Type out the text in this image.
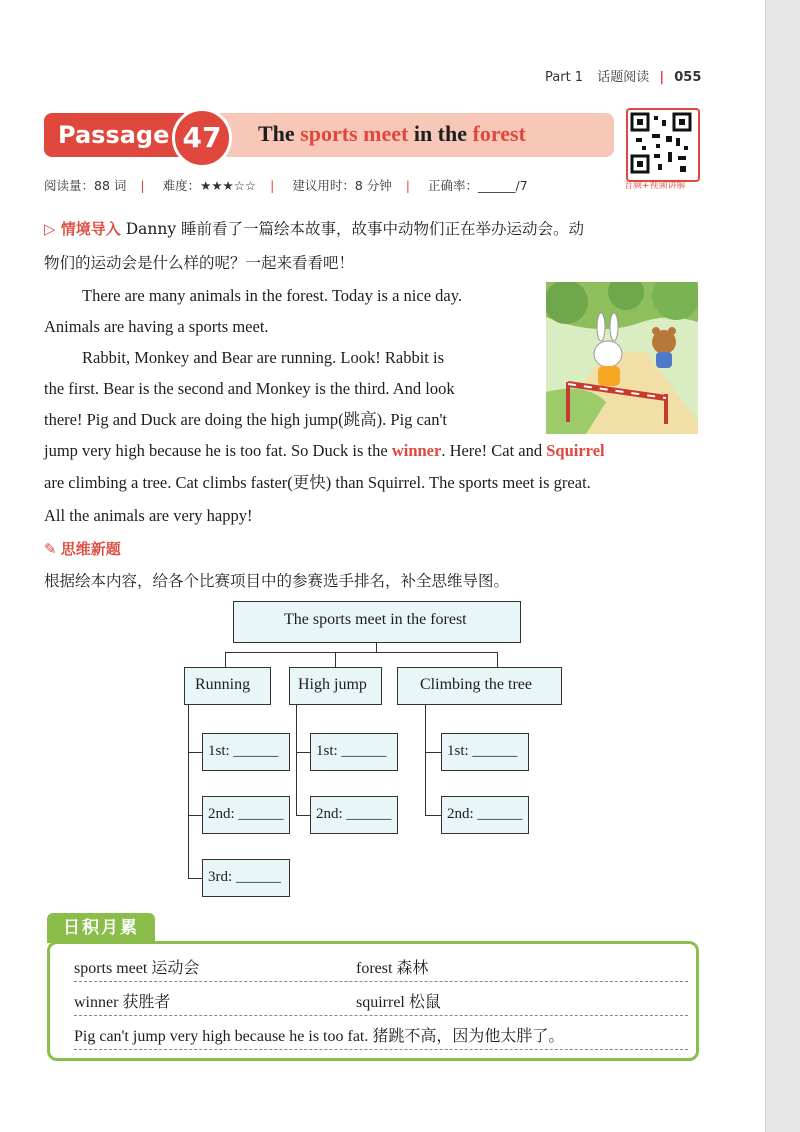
Part 1 话题阅读 | 055
Passage 47	The sports meet in the forest
音频+视频讲解
阅读量：88 词 | 难度：★★★☆☆ | 建议用时：8 分钟 | 正确率：______/7
▷ 情境导入 Danny 睡前看了一篇绘本故事，故事中动物们正在举办运动会。动
物们的运动会是什么样的呢？一起来看看吧！
There are many animals in the forest. Today is a nice day.
Animals are having a sports meet.
Rabbit, Monkey and Bear are running. Look! Rabbit is
the first. Bear is the second and Monkey is the third. And look
there! Pig and Duck are doing the high jump(跳高). Pig can't
jump very high because he is too fat. So Duck is the winner. Here! Cat and Squirrel
are climbing a tree. Cat climbs faster(更快) than Squirrel. The sports meet is great.
All the animals are very happy!
✎ 思维新题
根据绘本内容，给各个比赛项目中的参赛选手排名，补全思维导图。
The sports meet in the forest
Running	High jump	Climbing the tree
1st: ______
2nd: ______
3rd: ______
1st: ______
2nd: ______
1st: ______
2nd: ______
日积月累
sports meet 运动会	forest 森林
winner 获胜者	squirrel 松鼠
Pig can't jump very high because he is too fat. 猪跳不高，因为他太胖了。
